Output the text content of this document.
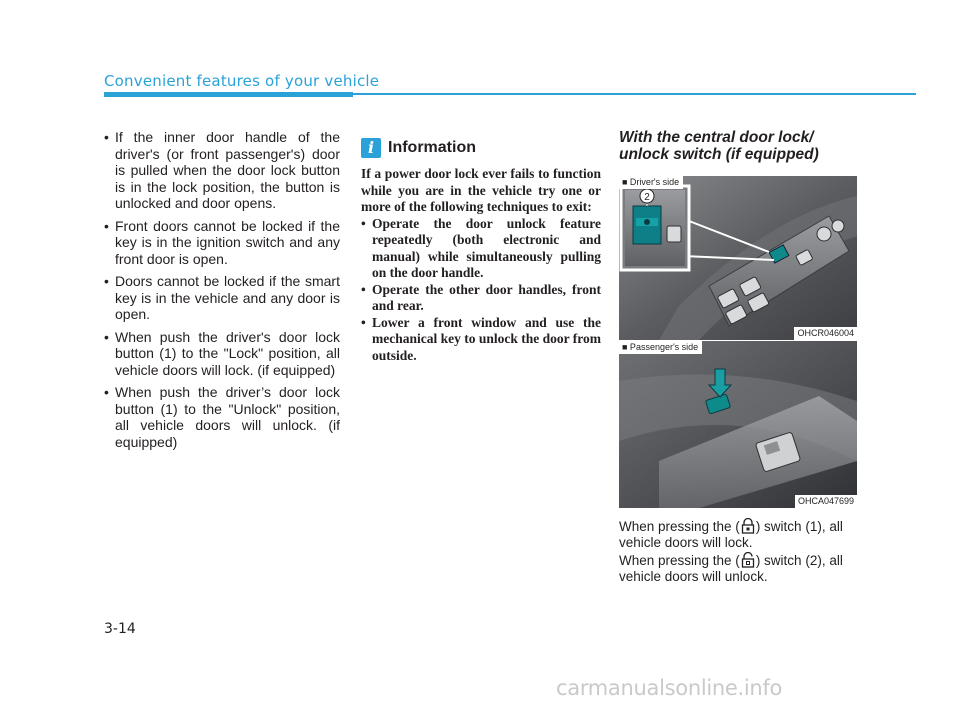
Convenient features of your vehicle
• If the inner door handle of the driver's (or front passenger's) door is pulled when the door lock button is in the lock position, the button is unlocked and door opens.
• Front doors cannot be locked if the key is in the ignition switch and any front door is open.
• Doors cannot be locked if the smart key is in the vehicle and any door is open.
• When push the driver's door lock button (1) to the "Lock" position, all vehicle doors will lock. (if equipped)
• When push the driver’s door lock button (1) to the "Unlock" position, all vehicle doors will unlock. (if equipped)
i Information
If a power door lock ever fails to function while you are in the vehicle try one or more of the following techniques to exit:
• Operate the door unlock feature repeatedly (both electronic and manual) while simultaneously pulling on the door handle.
• Operate the other door handles, front and rear.
• Lower a front window and use the mechanical key to unlock the door from outside.
With the central door lock/ unlock switch (if equipped)
2
■ Driver's side
OHCR046004
■ Passenger's side
OHCA047699
When pressing the ( ) switch (1), all vehicle doors will lock.
When pressing the ( ) switch (2), all vehicle doors will unlock.
3-14
carmanualsonline.info
